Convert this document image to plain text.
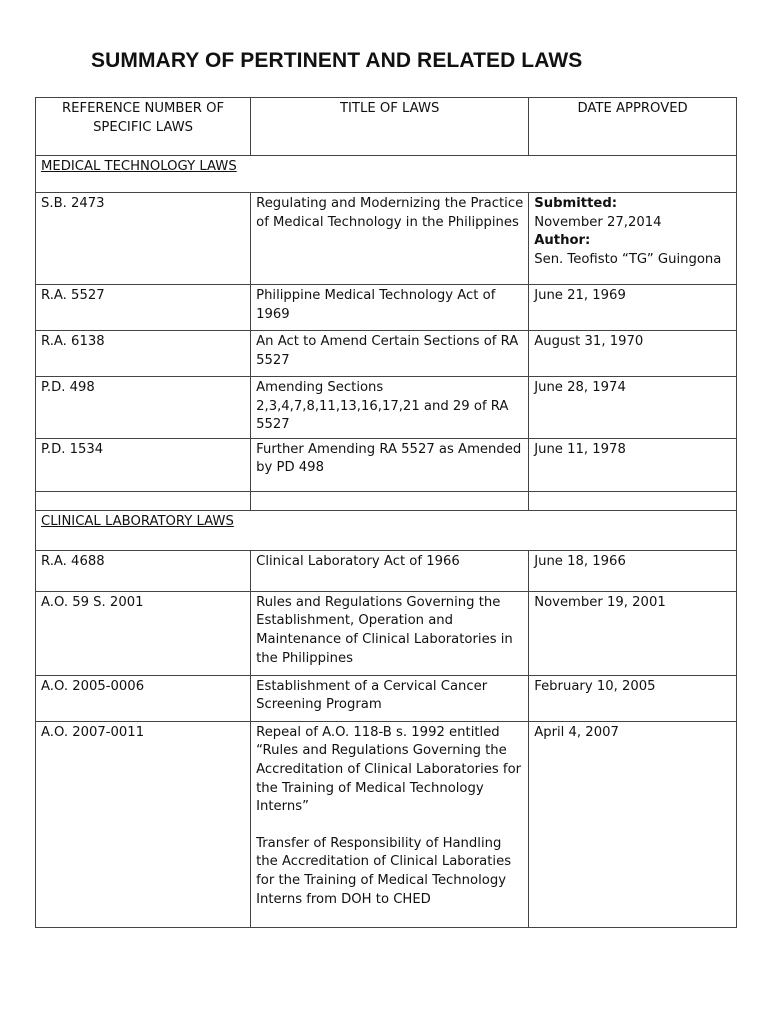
SUMMARY OF PERTINENT AND RELATED LAWS
REFERENCE NUMBER OF SPECIFIC LAWS	TITLE OF LAWS	DATE APPROVED
MEDICAL TECHNOLOGY LAWS		
S.B. 2473	Regulating and Modernizing the Practice of Medical Technology in the Philippines	Submitted:
November 27,2014
Author:
Sen. Teofisto “TG” Guingona

R.A. 5527	Philippine Medical Technology Act of 1969	June 21, 1969
R.A. 6138	An Act to Amend Certain Sections of RA 5527	August 31, 1970
P.D. 498	Amending Sections 2,3,4,7,8,11,13,16,17,21 and 29 of RA 5527	June 28, 1974
P.D. 1534	Further Amending RA 5527 as Amended by PD 498	June 11, 1978

CLINICAL LABORATORY LAWS		
R.A. 4688	Clinical Laboratory Act of 1966	June 18, 1966
A.O. 59 S. 2001	Rules and Regulations Governing the Establishment, Operation and Maintenance of Clinical Laboratories in the Philippines	November 19, 2001
A.O. 2005-0006	Establishment of a Cervical Cancer Screening Program	February 10, 2005
A.O. 2007-0011	Repeal of A.O. 118-B s. 1992 entitled “Rules and Regulations Governing the Accreditation of Clinical Laboratories for the Training of Medical Technology Interns”
Transfer of Responsibility of Handling the Accreditation of Clinical Laboraties for the Training of Medical Technology Interns from DOH to CHED	April 4, 2007
